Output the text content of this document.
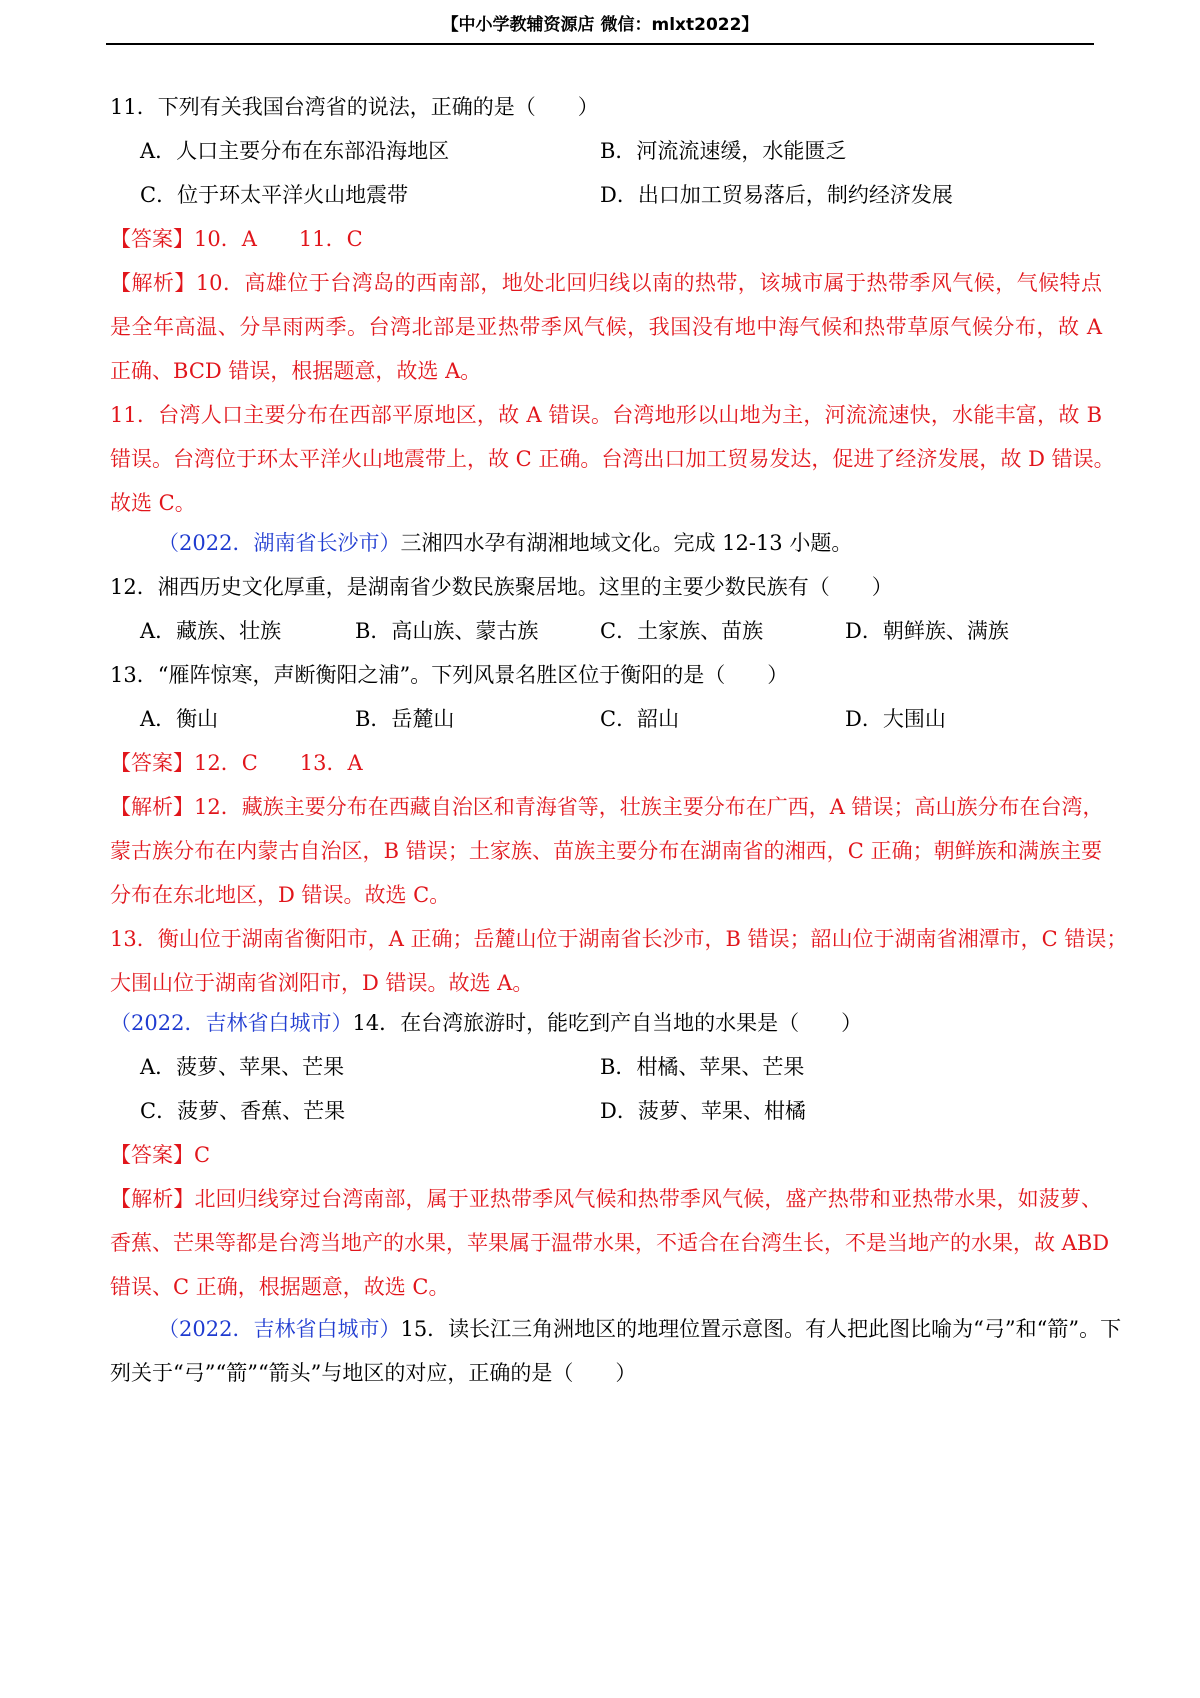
【中小学教辅资源店 微信：mlxt2022】
11．下列有关我国台湾省的说法，正确的是（　　）
A．人口主要分布在东部沿海地区	B．河流流速缓，水能匮乏
C．位于环太平洋火山地震带	D．出口加工贸易落后，制约经济发展
【答案】10．A　　11．C
【解析】10．高雄位于台湾岛的西南部，地处北回归线以南的热带，该城市属于热带季风气候，气候特点
是全年高温、分旱雨两季。台湾北部是亚热带季风气候，我国没有地中海气候和热带草原气候分布，故 A
正确、BCD 错误，根据题意，故选 A。
11．台湾人口主要分布在西部平原地区，故 A 错误。台湾地形以山地为主，河流流速快，水能丰富，故 B
错误。台湾位于环太平洋火山地震带上，故 C 正确。台湾出口加工贸易发达，促进了经济发展，故 D 错误。
故选 C。
（2022．湖南省长沙市）三湘四水孕有湖湘地域文化。完成 12-13 小题。
12．湘西历史文化厚重，是湖南省少数民族聚居地。这里的主要少数民族有（　　）
A．藏族、壮族	B．高山族、蒙古族	C．土家族、苗族	D．朝鲜族、满族
13．“雁阵惊寒，声断衡阳之浦”。下列风景名胜区位于衡阳的是（　　）
A．衡山	B．岳麓山	C．韶山	D．大围山
【答案】12．C　　13．A
【解析】12．藏族主要分布在西藏自治区和青海省等，壮族主要分布在广西，A 错误；高山族分布在台湾，
蒙古族分布在内蒙古自治区，B 错误；土家族、苗族主要分布在湖南省的湘西，C 正确；朝鲜族和满族主要
分布在东北地区，D 错误。故选 C。
13．衡山位于湖南省衡阳市，A 正确；岳麓山位于湖南省长沙市，B 错误；韶山位于湖南省湘潭市，C 错误；
大围山位于湖南省浏阳市，D 错误。故选 A。
（2022．吉林省白城市）14．在台湾旅游时，能吃到产自当地的水果是（　　）
A．菠萝、苹果、芒果	B．柑橘、苹果、芒果
C．菠萝、香蕉、芒果	D．菠萝、苹果、柑橘
【答案】C
【解析】北回归线穿过台湾南部，属于亚热带季风气候和热带季风气候，盛产热带和亚热带水果，如菠萝、
香蕉、芒果等都是台湾当地产的水果，苹果属于温带水果，不适合在台湾生长，不是当地产的水果，故 ABD
错误、C 正确，根据题意，故选 C。
（2022．吉林省白城市）15．读长江三角洲地区的地理位置示意图。有人把此图比喻为“弓”和“箭”。下
列关于“弓”“箭”“箭头”与地区的对应，正确的是（　　）
